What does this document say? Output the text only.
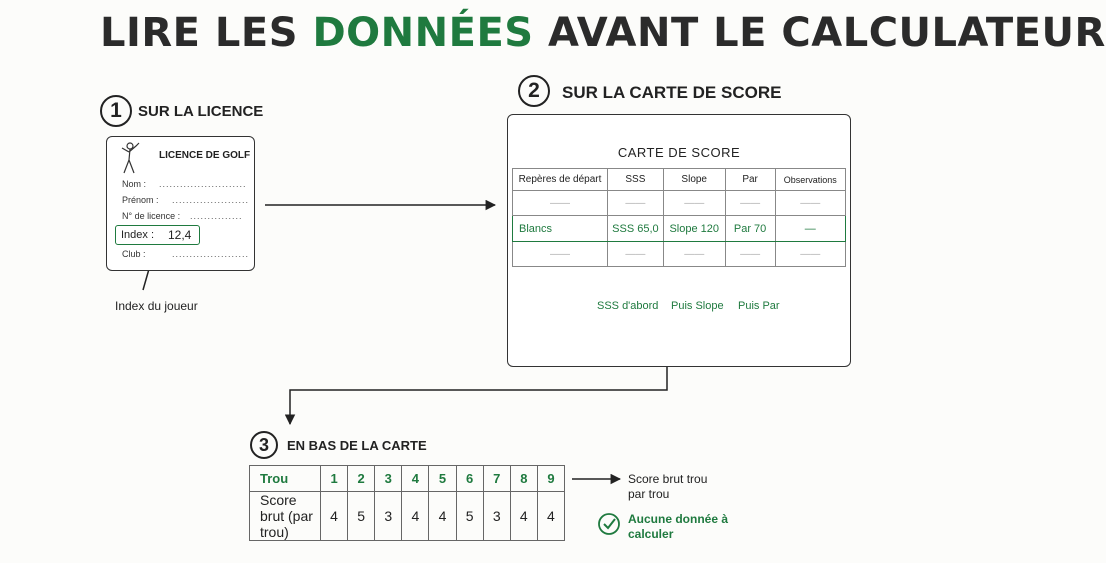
LIRE LES DONNÉES AVANT LE CALCULATEUR
1	SUR LA LICENCE
LICENCE DE GOLF
Nom : .........................
Prénom : ......................
N° de licence : ...............
Index : 12,4
Club :	......................
Index du joueur
2	SUR LA CARTE DE SCORE
CARTE DE SCORE
Repères de départ	SSS	Slope	Par	Observations
——	——	——	——	——
Blancs	SSS 65,0	Slope 120	Par 70	—
——	——	——	——	——
SSS d'abord Puis Slope Puis Par
3	EN BAS DE LA CARTE
Trou	1	2	3	4	5	6	7	8	9
Score brut (par trou)	4	5	3	4	4	5	3	4	4
Score brut trou par trou
Aucune donnée à calculer
